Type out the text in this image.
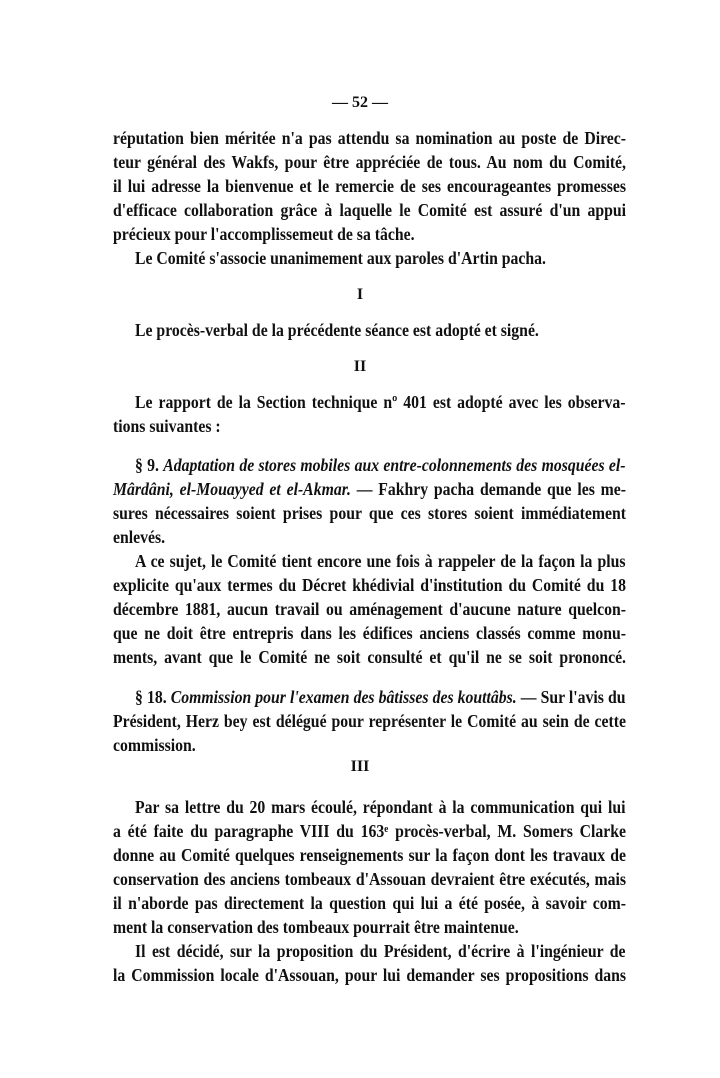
— 52 —
réputation bien méritée n'a pas attendu sa nomination au poste de Direc-
teur général des Wakfs, pour être appréciée de tous. Au nom du Comité,
il lui adresse la bienvenue et le remercie de ses encourageantes promesses
d'efficace collaboration grâce à laquelle le Comité est assuré d'un appui
précieux pour l'accomplissemeut de sa tâche.
Le Comité s'associe unanimement aux paroles d'Artin pacha.
I
Le procès-verbal de la précédente séance est adopté et signé.
II
Le rapport de la Section technique nº 401 est adopté avec les observa-
tions suivantes :
§ 9. Adaptation de stores mobiles aux entre-colonnements des mosquées el-
Mârdâni, el-Mouayyed et el-Akmar. — Fakhry pacha demande que les me-
sures nécessaires soient prises pour que ces stores soient immédiatement
enlevés.
A ce sujet, le Comité tient encore une fois à rappeler de la façon la plus
explicite qu'aux termes du Décret khédivial d'institution du Comité du 18
décembre 1881, aucun travail ou aménagement d'aucune nature quelcon-
que ne doit être entrepris dans les édifices anciens classés comme monu-
ments, avant que le Comité ne soit consulté et qu'il ne se soit prononcé.
§ 18. Commission pour l'examen des bâtisses des kouttâbs. — Sur l'avis du
Président, Herz bey est délégué pour représenter le Comité au sein de cette
commission.
III
Par sa lettre du 20 mars écoulé, répondant à la communication qui lui
a été faite du paragraphe VIII du 163ᵉ procès-verbal, M. Somers Clarke
donne au Comité quelques renseignements sur la façon dont les travaux de
conservation des anciens tombeaux d'Assouan devraient être exécutés, mais
il n'aborde pas directement la question qui lui a été posée, à savoir com-
ment la conservation des tombeaux pourrait être maintenue.
Il est décidé, sur la proposition du Président, d'écrire à l'ingénieur de
la Commission locale d'Assouan, pour lui demander ses propositions dans
